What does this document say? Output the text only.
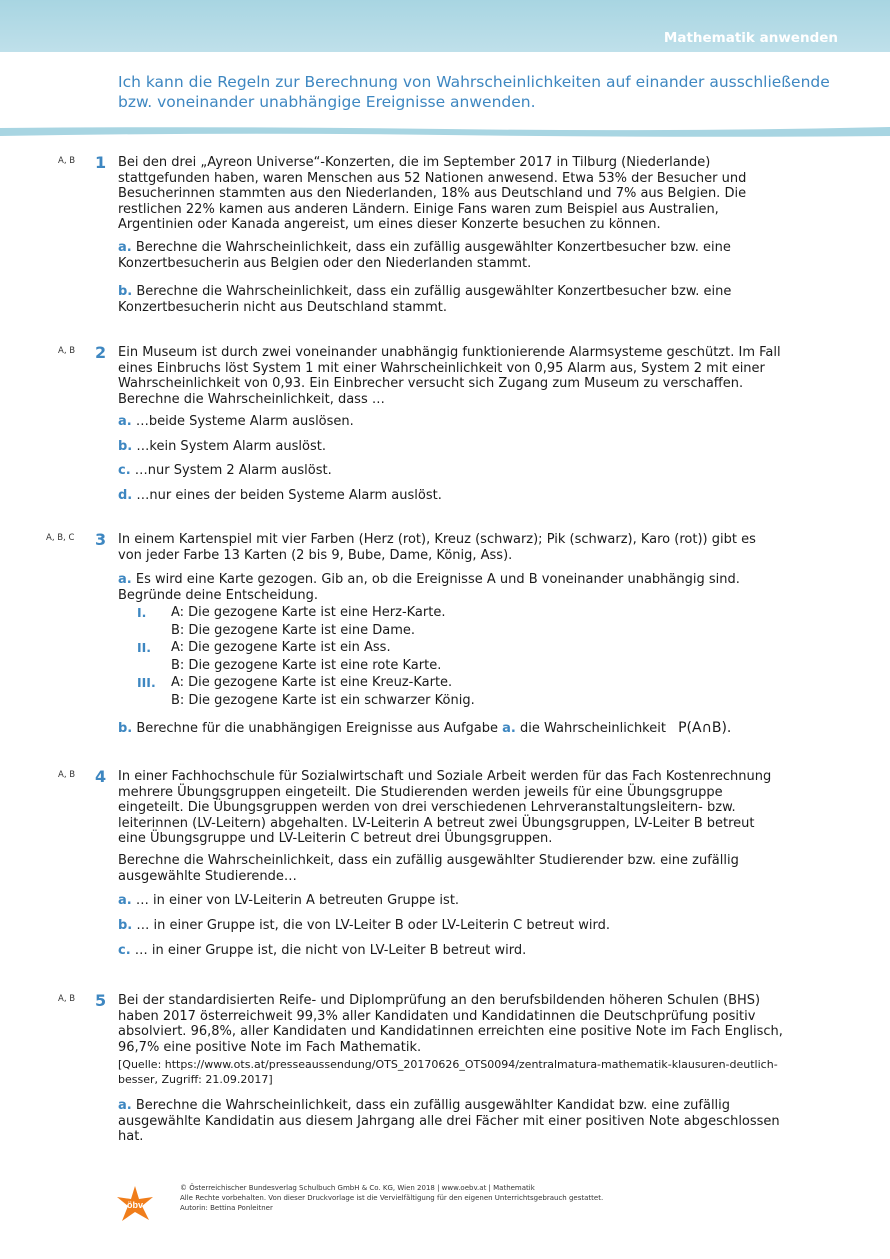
Mathematik anwenden
Ich kann die Regeln zur Berechnung von Wahrscheinlichkeiten auf einander ausschließende bzw. voneinander unabhängige Ereignisse anwenden.
A, B 1 Bei den drei „Ayreon Universe“-Konzerten, die im September 2017 in Tilburg (Niederlande) stattgefunden haben, waren Menschen aus 52 Nationen anwesend. Etwa 53% der Besucher und Besucherinnen stammten aus den Niederlanden, 18% aus Deutschland und 7% aus Belgien. Die restlichen 22% kamen aus anderen Ländern. Einige Fans waren zum Beispiel aus Australien, Argentinien oder Kanada angereist, um eines dieser Konzerte besuchen zu können.
a. Berechne die Wahrscheinlichkeit, dass ein zufällig ausgewählter Konzertbesucher bzw. eine Konzertbesucherin aus Belgien oder den Niederlanden stammt.
b. Berechne die Wahrscheinlichkeit, dass ein zufällig ausgewählter Konzertbesucher bzw. eine Konzertbesucherin nicht aus Deutschland stammt.
A, B 2 Ein Museum ist durch zwei voneinander unabhängig funktionierende Alarmsysteme geschützt. Im Fall eines Einbruchs löst System 1 mit einer Wahrscheinlichkeit von 0,95 Alarm aus, System 2 mit einer Wahrscheinlichkeit von 0,93. Ein Einbrecher versucht sich Zugang zum Museum zu verschaffen. Berechne die Wahrscheinlichkeit, dass …
a. …beide Systeme Alarm auslösen.
b. …kein System Alarm auslöst.
c. …nur System 2 Alarm auslöst.
d. …nur eines der beiden Systeme Alarm auslöst.
A, B, C 3 In einem Kartenspiel mit vier Farben (Herz (rot), Kreuz (schwarz); Pik (schwarz), Karo (rot)) gibt es von jeder Farbe 13 Karten (2 bis 9, Bube, Dame, König, Ass).
a. Es wird eine Karte gezogen. Gib an, ob die Ereignisse A und B voneinander unabhängig sind. Begründe deine Entscheidung.
I. A: Die gezogene Karte ist eine Herz-Karte.
B: Die gezogene Karte ist eine Dame.
II. A: Die gezogene Karte ist ein Ass.
B: Die gezogene Karte ist eine rote Karte.
III. A: Die gezogene Karte ist eine Kreuz-Karte.
B: Die gezogene Karte ist ein schwarzer König.
b. Berechne für die unabhängigen Ereignisse aus Aufgabe a. die Wahrscheinlichkeit P(A∩B).
A, B 4 In einer Fachhochschule für Sozialwirtschaft und Soziale Arbeit werden für das Fach Kostenrechnung mehrere Übungsgruppen eingeteilt. Die Studierenden werden jeweils für eine Übungsgruppe eingeteilt. Die Übungsgruppen werden von drei verschiedenen Lehrveranstaltungsleitern- bzw. leiterinnen (LV-Leitern) abgehalten. LV-Leiterin A betreut zwei Übungsgruppen, LV-Leiter B betreut eine Übungsgruppe und LV-Leiterin C betreut drei Übungsgruppen.
Berechne die Wahrscheinlichkeit, dass ein zufällig ausgewählter Studierender bzw. eine zufällig ausgewählte Studierende…
a. … in einer von LV-Leiterin A betreuten Gruppe ist.
b. … in einer Gruppe ist, die von LV-Leiter B oder LV-Leiterin C betreut wird.
c. … in einer Gruppe ist, die nicht von LV-Leiter B betreut wird.
A, B 5 Bei der standardisierten Reife- und Diplomprüfung an den berufsbildenden höheren Schulen (BHS) haben 2017 österreichweit 99,3% aller Kandidaten und Kandidatinnen die Deutschprüfung positiv absolviert. 96,8%, aller Kandidaten und Kandidatinnen erreichten eine positive Note im Fach Englisch, 96,7% eine positive Note im Fach Mathematik.
[Quelle: https://www.ots.at/presseaussendung/OTS_20170626_OTS0094/zentralmatura-mathematik-klausuren-deutlich-besser, Zugriff: 21.09.2017]
a. Berechne die Wahrscheinlichkeit, dass ein zufällig ausgewählter Kandidat bzw. eine zufällig ausgewählte Kandidatin aus diesem Jahrgang alle drei Fächer mit einer positiven Note abgeschlossen hat.
öbv
© Österreichischer Bundesverlag Schulbuch GmbH & Co. KG, Wien 2018 | www.oebv.at | Mathematik
Alle Rechte vorbehalten. Von dieser Druckvorlage ist die Vervielfältigung für den eigenen Unterrichtsgebrauch gestattet.
Autorin: Bettina Ponleitner
